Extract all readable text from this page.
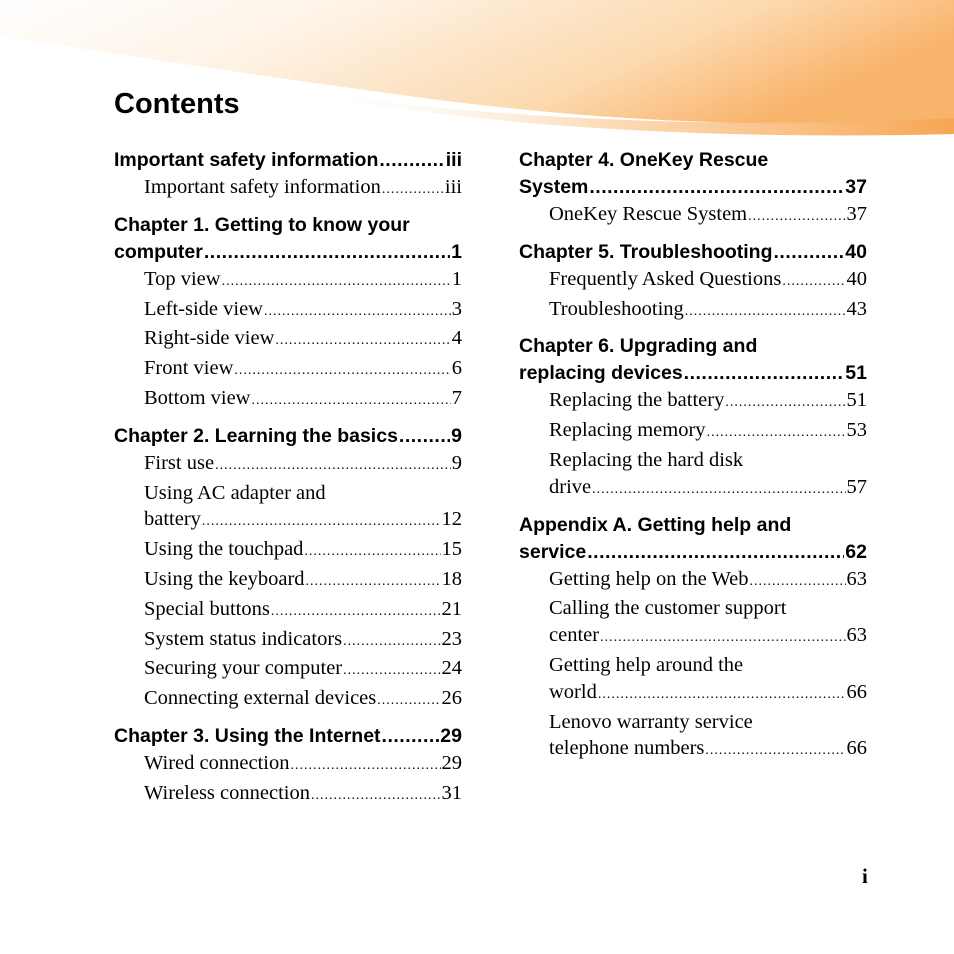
Contents
Important safety information .....	iii
Important safety information .....	iii
Chapter 1. Getting to know your
computer .....	1
Top view .....	1
Left-side view .....	3
Right-side view .....	4
Front view .....	6
Bottom view .....	7
Chapter 2. Learning the basics .....	9
First use .....	9
Using AC adapter and
battery .....	12
Using the touchpad .....	15
Using the keyboard .....	18
Special buttons .....	21
System status indicators .....	23
Securing your computer .....	24
Connecting external devices .....	26
Chapter 3. Using the Internet .....	29
Wired connection .....	29
Wireless connection .....	31
Chapter 4. OneKey Rescue
System .....	37
OneKey Rescue System .....	37
Chapter 5. Troubleshooting .....	40
Frequently Asked Questions .....	40
Troubleshooting .....	43
Chapter 6. Upgrading and
replacing devices .....	51
Replacing the battery .....	51
Replacing memory .....	53
Replacing the hard disk
drive .....	57
Appendix A. Getting help and
service .....	62
Getting help on the Web .....	63
Calling the customer support
center .....	63
Getting help around the
world .....	66
Lenovo warranty service
telephone numbers .....	66
i
